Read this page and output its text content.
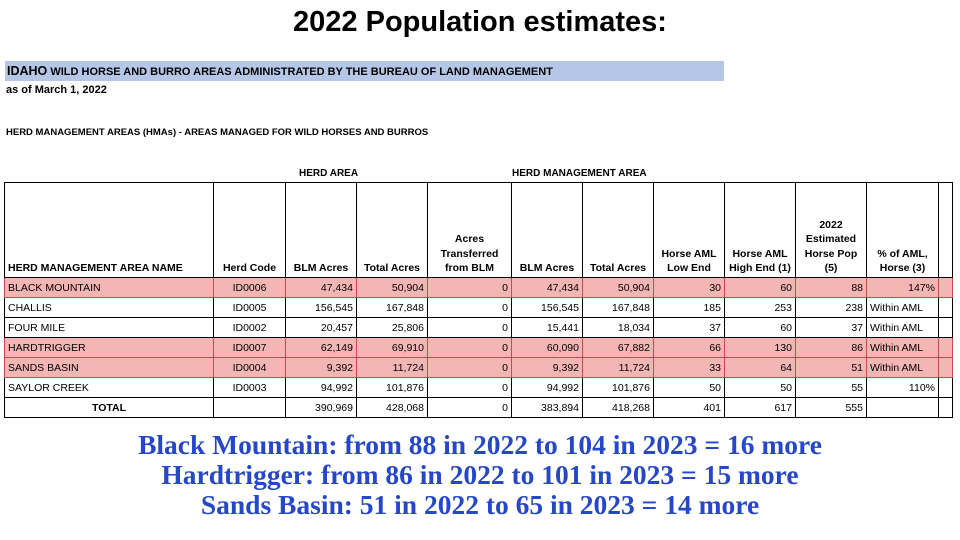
2022 Population estimates:
IDAHO WILD HORSE AND BURRO AREAS ADMINISTRATED BY THE BUREAU OF LAND MANAGEMENT
as of March 1, 2022
HERD MANAGEMENT AREAS (HMAs) - AREAS MANAGED FOR WILD HORSES AND BURROS
HERD AREA	HERD MANAGEMENT AREA
HERD MANAGEMENT AREA NAME	Herd Code	BLM Acres	Total Acres	Acres Transferred from BLM	BLM Acres	Total Acres	Horse AML Low End	Horse AML High End (1)	2022 Estimated Horse Pop (5)	% of AML, Horse (3)	
BLACK MOUNTAIN	ID0006	47,434	50,904	0	47,434	50,904	30	60	88	147%	
CHALLIS	ID0005	156,545	167,848	0	156,545	167,848	185	253	238	Within AML	
FOUR MILE	ID0002	20,457	25,806	0	15,441	18,034	37	60	37	Within AML	
HARDTRIGGER	ID0007	62,149	69,910	0	60,090	67,882	66	130	86	Within AML	
SANDS BASIN	ID0004	9,392	11,724	0	9,392	11,724	33	64	51	Within AML	
SAYLOR CREEK	ID0003	94,992	101,876	0	94,992	101,876	50	50	55	110%	
TOTAL		390,969	428,068	0	383,894	418,268	401	617	555		
Black Mountain: from 88 in 2022 to 104 in 2023 = 16 more
Hardtrigger: from 86 in 2022 to 101 in 2023 = 15 more
Sands Basin: 51 in 2022 to 65 in 2023 = 14 more
